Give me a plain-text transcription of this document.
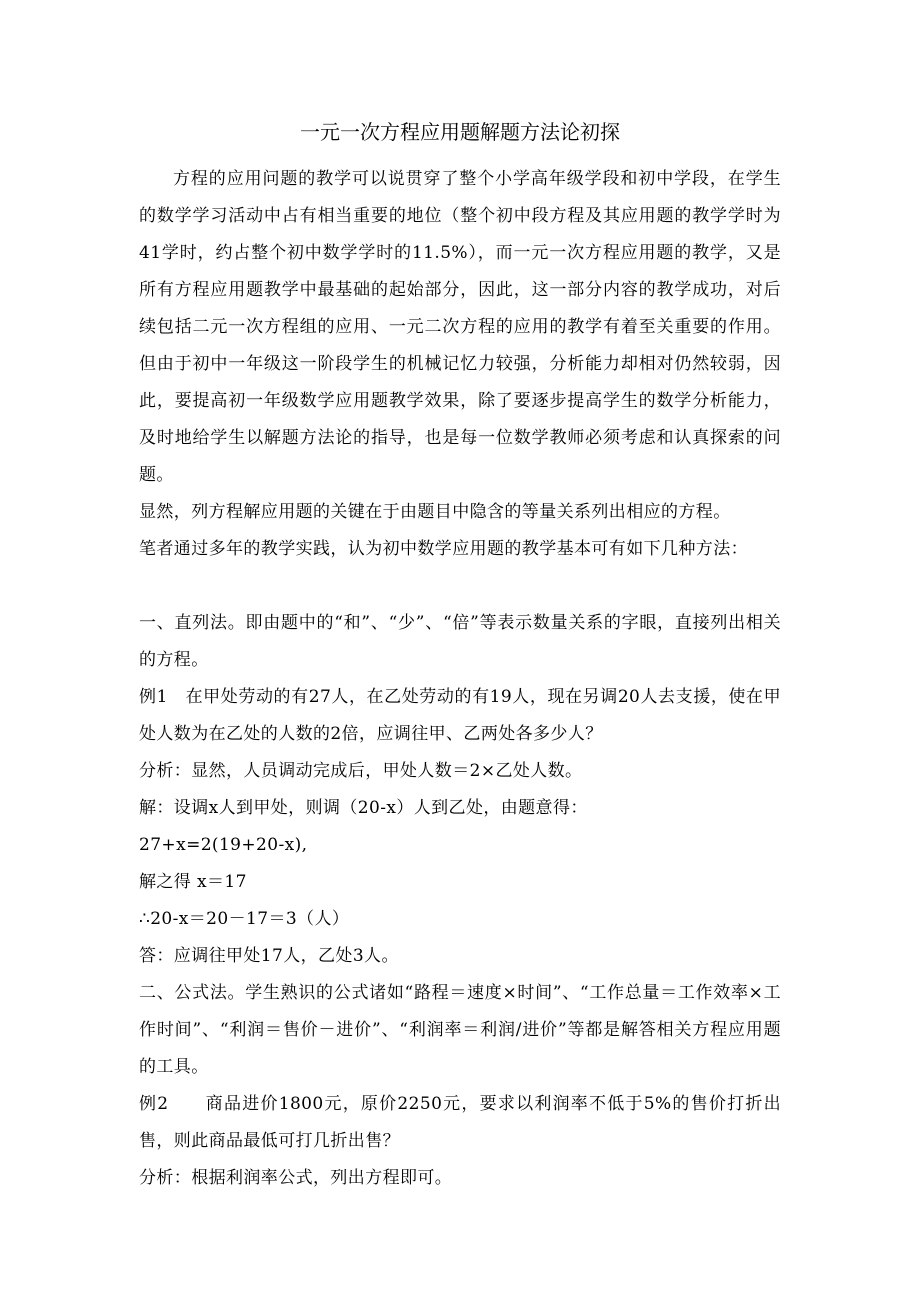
一元一次方程应用题解题方法论初探

方程的应用问题的教学可以说贯穿了整个小学高年级学段和初中学段，在学生的数学学习活动中占有相当重要的地位（整个初中段方程及其应用题的教学学时为41学时，约占整个初中数学学时的11.5%），而一元一次方程应用题的教学，又是所有方程应用题教学中最基础的起始部分，因此，这一部分内容的教学成功，对后续包括二元一次方程组的应用、一元二次方程的应用的教学有着至关重要的作用。但由于初中一年级这一阶段学生的机械记忆力较强，分析能力却相对仍然较弱，因此，要提高初一年级数学应用题教学效果，除了要逐步提高学生的数学分析能力，及时地给学生以解题方法论的指导，也是每一位数学教师必须考虑和认真探索的问题。

显然，列方程解应用题的关键在于由题目中隐含的等量关系列出相应的方程。

笔者通过多年的教学实践，认为初中数学应用题的教学基本可有如下几种方法：

一、直列法。即由题中的“和”、“少”、“倍”等表示数量关系的字眼，直接列出相关的方程。

例1　在甲处劳动的有27人，在乙处劳动的有19人，现在另调20人去支援，使在甲处人数为在乙处的人数的2倍，应调往甲、乙两处各多少人？

分析：显然，人员调动完成后，甲处人数＝2×乙处人数。

解：设调x人到甲处，则调（20-x）人到乙处，由题意得：

27+x=2(19+20-x),

解之得 x＝17

∴20-x＝20－17＝3（人）

答：应调往甲处17人，乙处3人。

二、公式法。学生熟识的公式诸如“路程＝速度×时间”、“工作总量＝工作效率×工作时间”、“利润＝售价－进价”、“利润率＝利润/进价”等都是解答相关方程应用题的工具。

例2　　商品进价1800元，原价2250元，要求以利润率不低于5%的售价打折出售，则此商品最低可打几折出售？

分析：根据利润率公式，列出方程即可。
